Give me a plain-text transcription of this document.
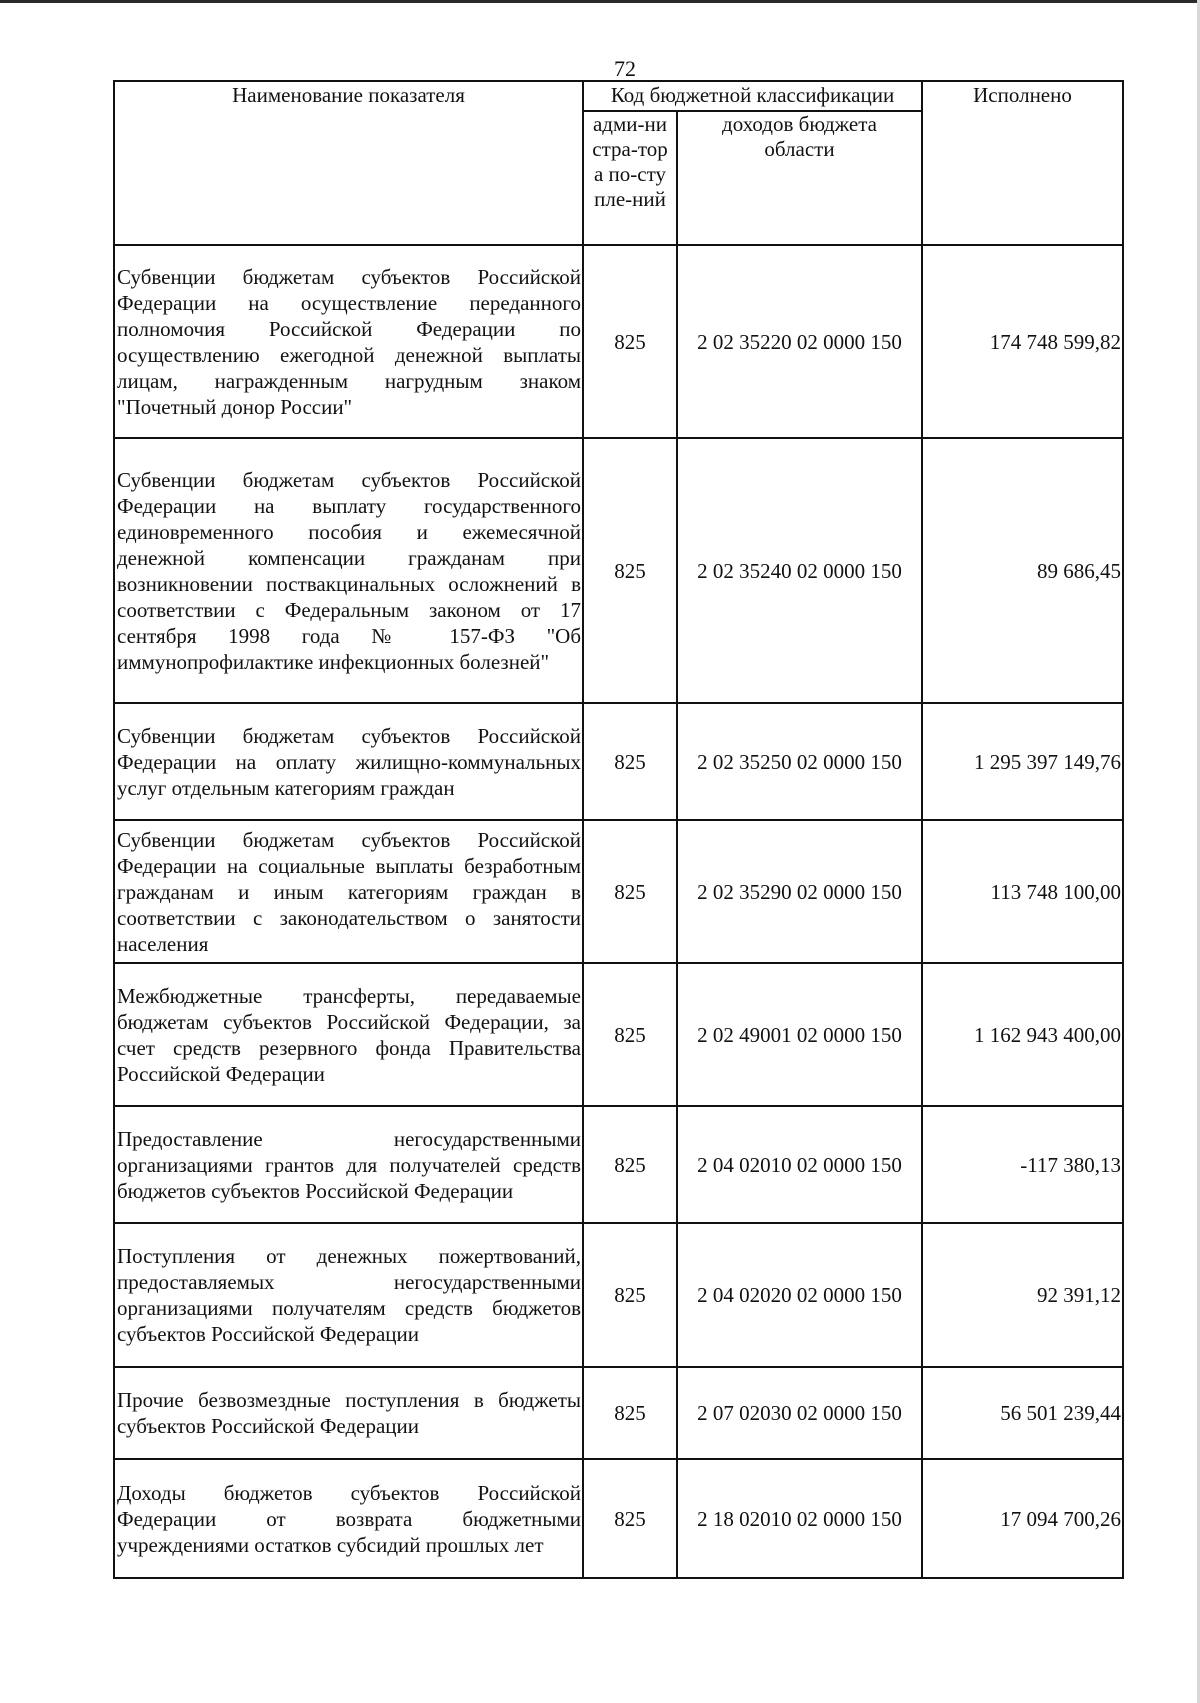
72
Наименование показателя	Код бюджетной классификации		Исполнено

	адми-нистра-тора по-ступле-ний	доходов бюджета области	

Субвенции бюджетам субъектов Российской Федерации на осуществление переданного полномочия Российской Федерации по осуществлению ежегодной денежной выплаты лицам, награжденным нагрудным знаком "Почетный донор России"	825	2 02 35220 02 0000 150	174 748 599,82
Субвенции бюджетам субъектов Российской Федерации на выплату государственного единовременного пособия и ежемесячной денежной компенсации гражданам при возникновении поствакцинальных осложнений в соответствии с Федеральным законом от 17 сентября 1998 года № 157-ФЗ "Об иммунопрофилактике инфекционных болезней"	825	2 02 35240 02 0000 150	89 686,45
Субвенции бюджетам субъектов Российской Федерации на оплату жилищно-коммунальных услуг отдельным категориям граждан	825	2 02 35250 02 0000 150	1 295 397 149,76
Субвенции бюджетам субъектов Российской Федерации на социальные выплаты безработным гражданам и иным категориям граждан в соответствии с законодательством о занятости населения	825	2 02 35290 02 0000 150	113 748 100,00
Межбюджетные трансферты, передаваемые бюджетам субъектов Российской Федерации, за счет средств резервного фонда Правительства Российской Федерации	825	2 02 49001 02 0000 150	1 162 943 400,00
Предоставление негосударственными организациями грантов для получателей средств бюджетов субъектов Российской Федерации	825	2 04 02010 02 0000 150	-117 380,13
Поступления от денежных пожертвований, предоставляемых негосударственными организациями получателям средств бюджетов субъектов Российской Федерации	825	2 04 02020 02 0000 150	92 391,12
Прочие безвозмездные поступления в бюджеты субъектов Российской Федерации	825	2 07 02030 02 0000 150	56 501 239,44
Доходы бюджетов субъектов Российской Федерации от возврата бюджетными учреждениями остатков субсидий прошлых лет	825	2 18 02010 02 0000 150	17 094 700,26
